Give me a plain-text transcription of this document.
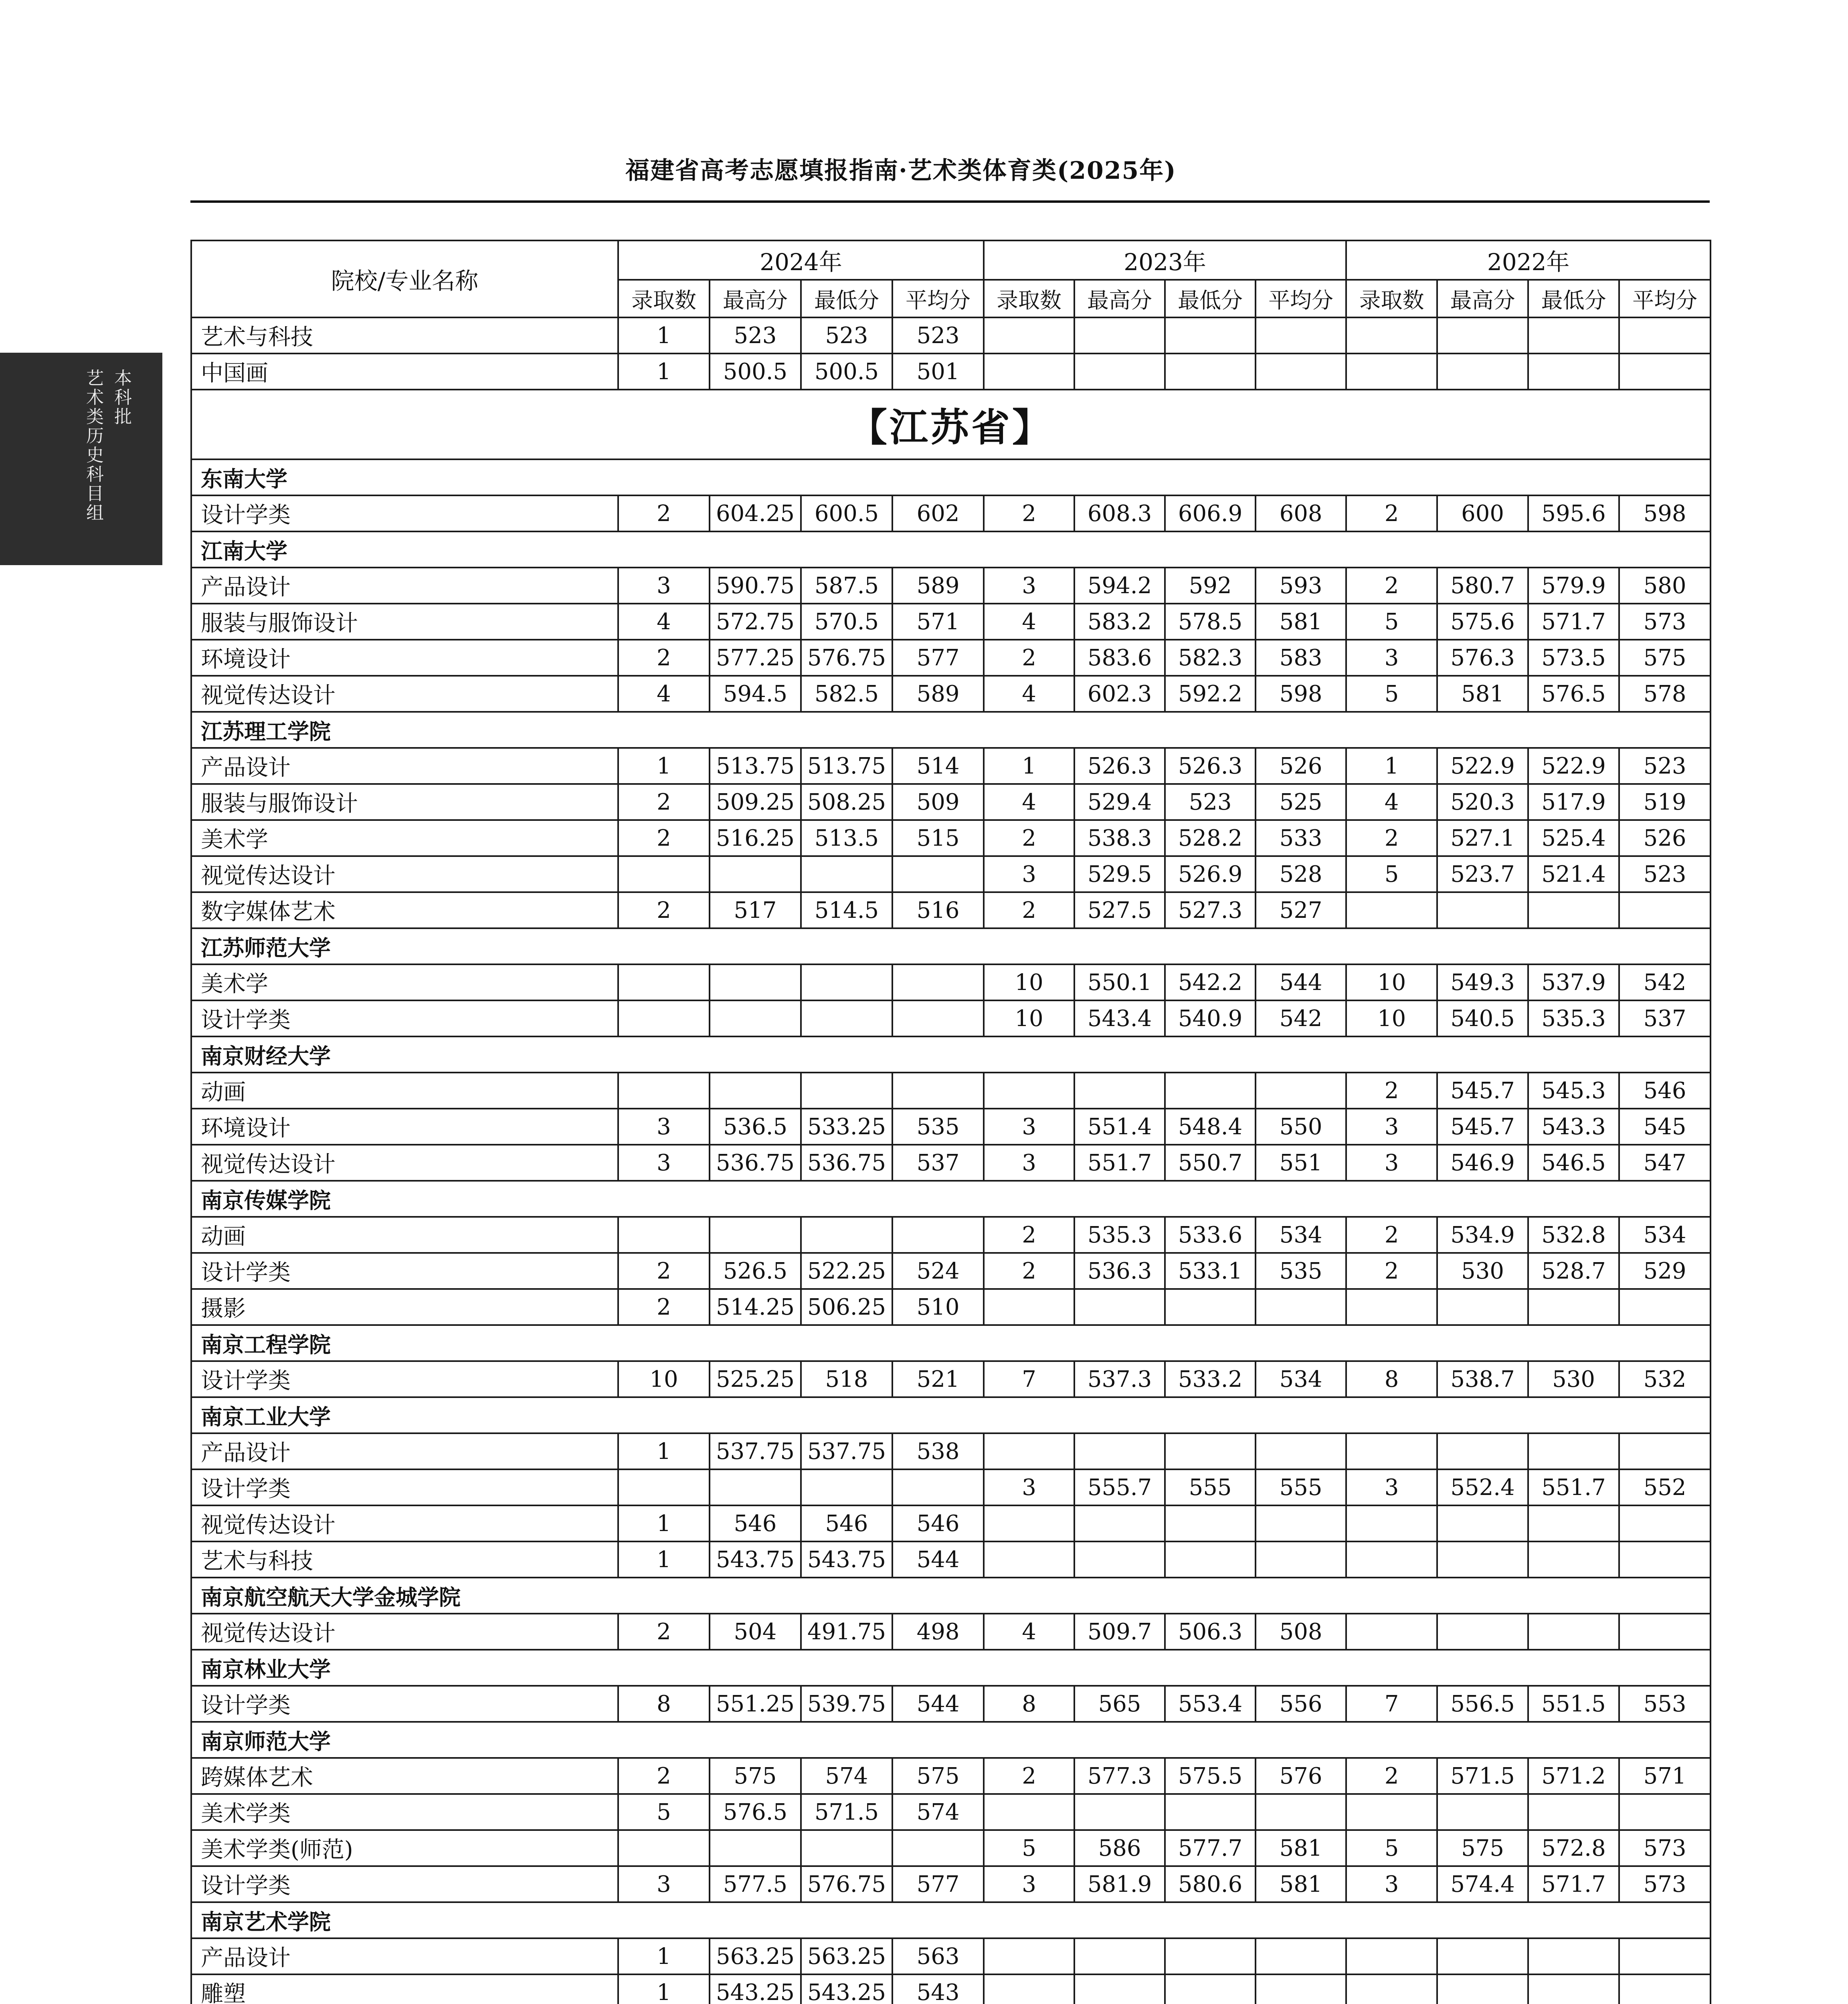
福建省高考志愿填报指南·艺术类体育类(2025年)
本科批
艺术类历史科目组
院校/专业名称	2024年				2023年				2022年			
	录取数	最高分	最低分	平均分	录取数	最高分	最低分	平均分	录取数	最高分	最低分	平均分
艺术与科技	1	523	523	523								
中国画	1	500.5	500.5	501								
【江苏省】												
东南大学												
设计学类	2	604.25	600.5	602	2	608.3	606.9	608	2	600	595.6	598
江南大学												
产品设计	3	590.75	587.5	589	3	594.2	592	593	2	580.7	579.9	580
服装与服饰设计	4	572.75	570.5	571	4	583.2	578.5	581	5	575.6	571.7	573
环境设计	2	577.25	576.75	577	2	583.6	582.3	583	3	576.3	573.5	575
视觉传达设计	4	594.5	582.5	589	4	602.3	592.2	598	5	581	576.5	578
江苏理工学院												
产品设计	1	513.75	513.75	514	1	526.3	526.3	526	1	522.9	522.9	523
服装与服饰设计	2	509.25	508.25	509	4	529.4	523	525	4	520.3	517.9	519
美术学	2	516.25	513.5	515	2	538.3	528.2	533	2	527.1	525.4	526
视觉传达设计					3	529.5	526.9	528	5	523.7	521.4	523
数字媒体艺术	2	517	514.5	516	2	527.5	527.3	527				
江苏师范大学												
美术学					10	550.1	542.2	544	10	549.3	537.9	542
设计学类					10	543.4	540.9	542	10	540.5	535.3	537
南京财经大学												
动画									2	545.7	545.3	546
环境设计	3	536.5	533.25	535	3	551.4	548.4	550	3	545.7	543.3	545
视觉传达设计	3	536.75	536.75	537	3	551.7	550.7	551	3	546.9	546.5	547
南京传媒学院												
动画					2	535.3	533.6	534	2	534.9	532.8	534
设计学类	2	526.5	522.25	524	2	536.3	533.1	535	2	530	528.7	529
摄影	2	514.25	506.25	510								
南京工程学院												
设计学类	10	525.25	518	521	7	537.3	533.2	534	8	538.7	530	532
南京工业大学												
产品设计	1	537.75	537.75	538								
设计学类					3	555.7	555	555	3	552.4	551.7	552
视觉传达设计	1	546	546	546								
艺术与科技	1	543.75	543.75	544								
南京航空航天大学金城学院												
视觉传达设计	2	504	491.75	498	4	509.7	506.3	508				
南京林业大学												
设计学类	8	551.25	539.75	544	8	565	553.4	556	7	556.5	551.5	553
南京师范大学												
跨媒体艺术	2	575	574	575	2	577.3	575.5	576	2	571.5	571.2	571
美术学类	5	576.5	571.5	574								
美术学类(师范)					5	586	577.7	581	5	575	572.8	573
设计学类	3	577.5	576.75	577	3	581.9	580.6	581	3	574.4	571.7	573
南京艺术学院												
产品设计	1	563.25	563.25	563								
雕塑	1	543.25	543.25	543								
